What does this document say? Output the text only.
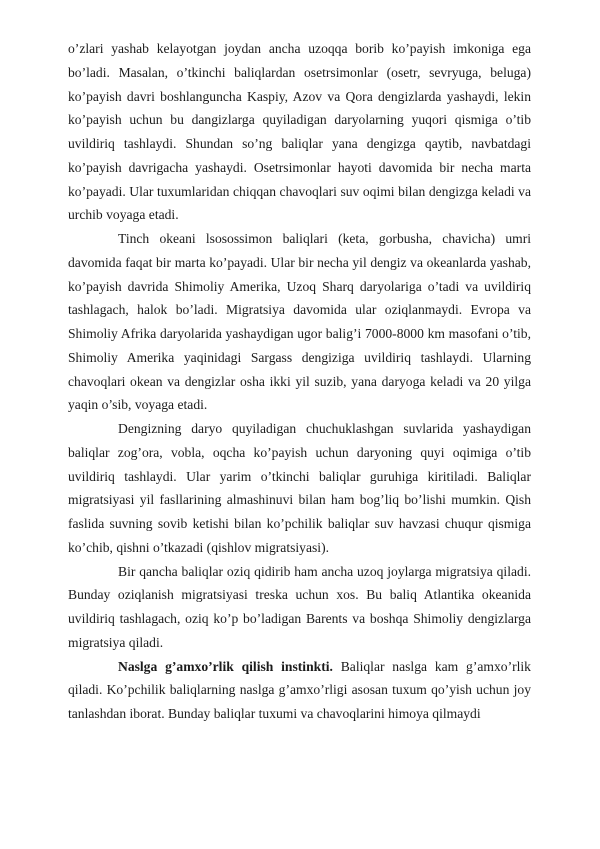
o’zlari yashab kelayotgan joydan ancha uzoqqa borib ko’payish imkoniga ega bo’ladi. Masalan, o’tkinchi baliqlardan osetrsimonlar (osetr, sevryuga, beluga) ko’payish davri boshlanguncha Kaspiy, Azov va Qora dengizlarda yashaydi, lekin ko’payish uchun bu dangizlarga quyiladigan daryolarning yuqori qismiga o’tib uvildiriq tashlaydi. Shundan so’ng baliqlar yana dengizga qaytib, navbatdagi ko’payish davrigacha yashaydi. Osetrsimonlar hayoti davomida bir necha marta ko’payadi. Ular tuxumlaridan chiqqan chavoqlari suv oqimi bilan dengizga keladi va urchib voyaga etadi.

Tinch okeani lsosossimon baliqlari (keta, gorbusha, chavicha) umri davomida faqat bir marta ko’payadi. Ular bir necha yil dengiz va okeanlarda yashab, ko’payish davrida Shimoliy Amerika, Uzoq Sharq daryolariga o’tadi va uvildiriq tashlagach, halok bo’ladi. Migratsiya davomida ular oziqlanmaydi. Evropa va Shimoliy Afrika daryolarida yashaydigan ugor balig’i 7000-8000 km masofani o’tib, Shimoliy Amerika yaqinidagi Sargass dengiziga uvildiriq tashlaydi. Ularning chavoqlari okean va dengizlar osha ikki yil suzib, yana daryoga keladi va 20 yilga yaqin o’sib, voyaga etadi.

Dengizning daryo quyiladigan chuchuklashgan suvlarida yashaydigan baliqlar zog’ora, vobla, oqcha ko’payish uchun daryoning quyi oqimiga o’tib uvildiriq tashlaydi. Ular yarim o’tkinchi baliqlar guruhiga kiritiladi. Baliqlar migratsiyasi yil fasllarining almashinuvi bilan ham bog’liq bo’lishi mumkin. Qish faslida suvning sovib ketishi bilan ko’pchilik baliqlar suv havzasi chuqur qismiga ko’chib, qishni o’tkazadi (qishlov migratsiyasi).

Bir qancha baliqlar oziq qidirib ham ancha uzoq joylarga migratsiya qiladi. Bunday oziqlanish migratsiyasi treska uchun xos. Bu baliq Atlantika okeanida uvildiriq tashlagach, oziq ko’p bo’ladigan Barents va boshqa Shimoliy dengizlarga migratsiya qiladi.

Naslga g’amxo’rlik qilish instinkti. Baliqlar naslga kam g’amxo’rlik qiladi. Ko’pchilik baliqlarning naslga g’amxo’rligi asosan tuxum qo’yish uchun joy tanlashdan iborat. Bunday baliqlar tuxumi va chavoqlarini himoya qilmaydi
